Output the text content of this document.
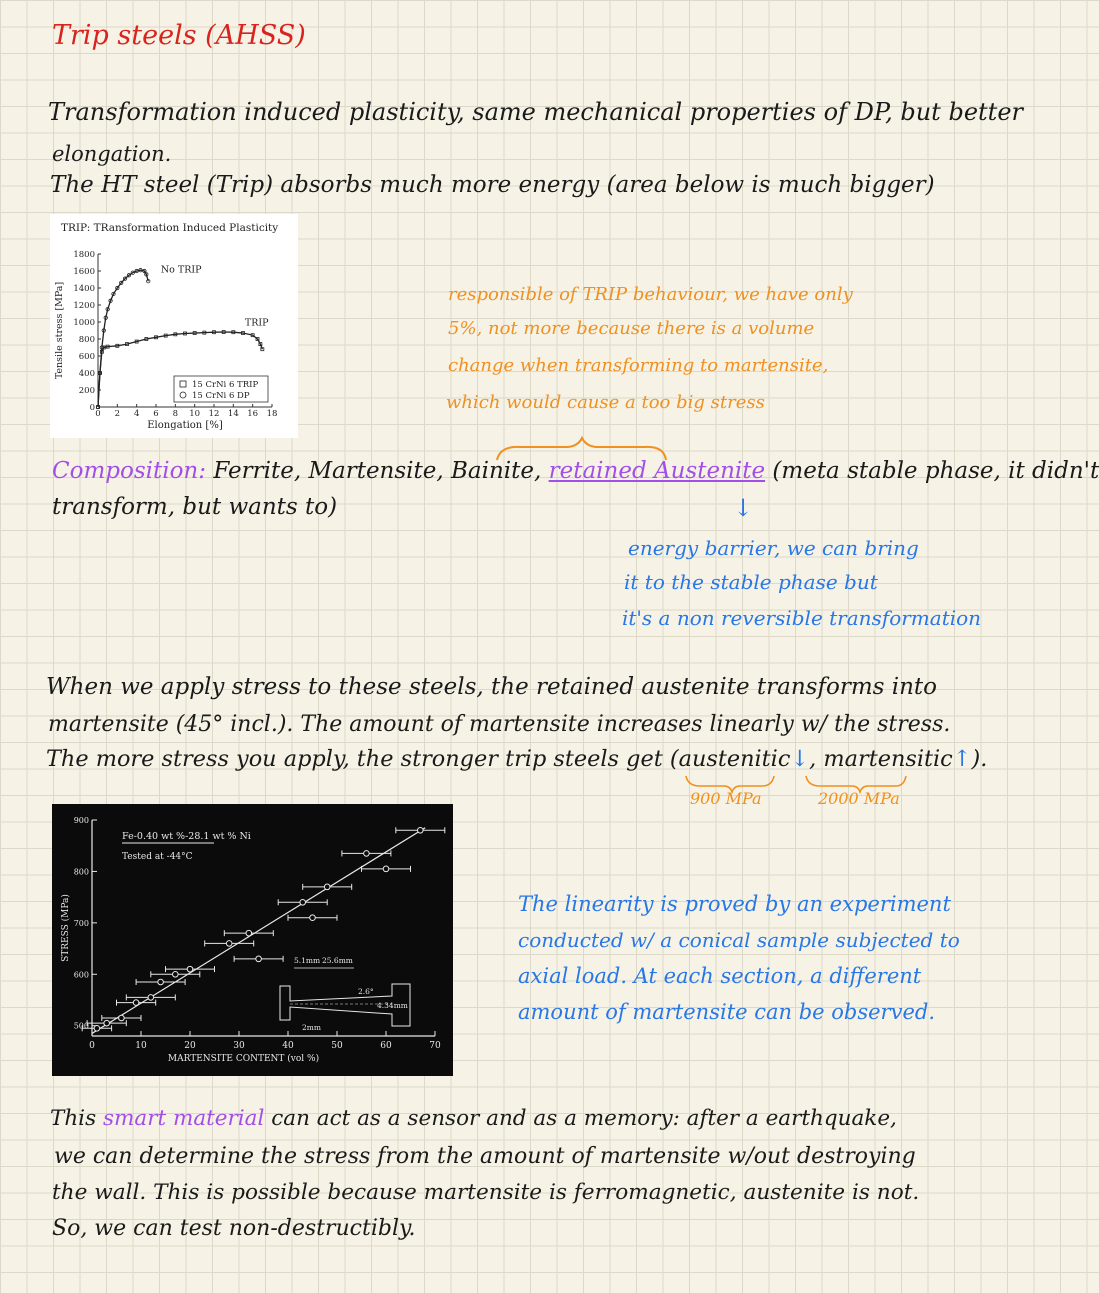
Trip steels (AHSS)
Transformation induced plasticity, same mechanical properties of DP, but better
elongation.
The HT steel (Trip) absorbs much more energy (area below is much bigger)
TRIP: TRansformation Induced Plasticity
0 2 4 6 8 10 12 14 16 18
0
200
400
600
800
1000
1200
1400
1600
1800
Elongation [%]
Tensile stress [MPa]
No TRIP
TRIP
15 CrNi 6 TRIP
15 CrNi 6 DP
responsible of TRIP behaviour, we have only
5%, not more because there is a volume
change when transforming to martensite,
which would cause a too big stress
Composition: Ferrite, Martensite, Bainite, retained Austenite (meta stable phase, it didn't
transform, but wants to)	↓
energy barrier, we can bring
it to the stable phase but
it's a non reversible transformation
When we apply stress to these steels, the retained austenite transforms into
martensite (45° incl.). The amount of martensite increases linearly w/ the stress.
The more stress you apply, the stronger trip steels get (austenitic↓, martensitic↑).
900 MPa	2000 MPa
0	10	20	30	40	50	60	70
500
600
700
800
900
MARTENSITE CONTENT (vol %)
STRESS (MPa)
Fe-0.40 wt %-28.1 wt % Ni
Tested at -44°C
5.1mm 25.6mm
2.6°
4.34mm
2mm
The linearity is proved by an experiment
conducted w/ a conical sample subjected to
axial load. At each section, a different
amount of martensite can be observed.
This smart material can act as a sensor and as a memory: after a earthquake,
we can determine the stress from the amount of martensite w/out destroying
the wall. This is possible because martensite is ferromagnetic, austenite is not.
So, we can test non-destructibly.
